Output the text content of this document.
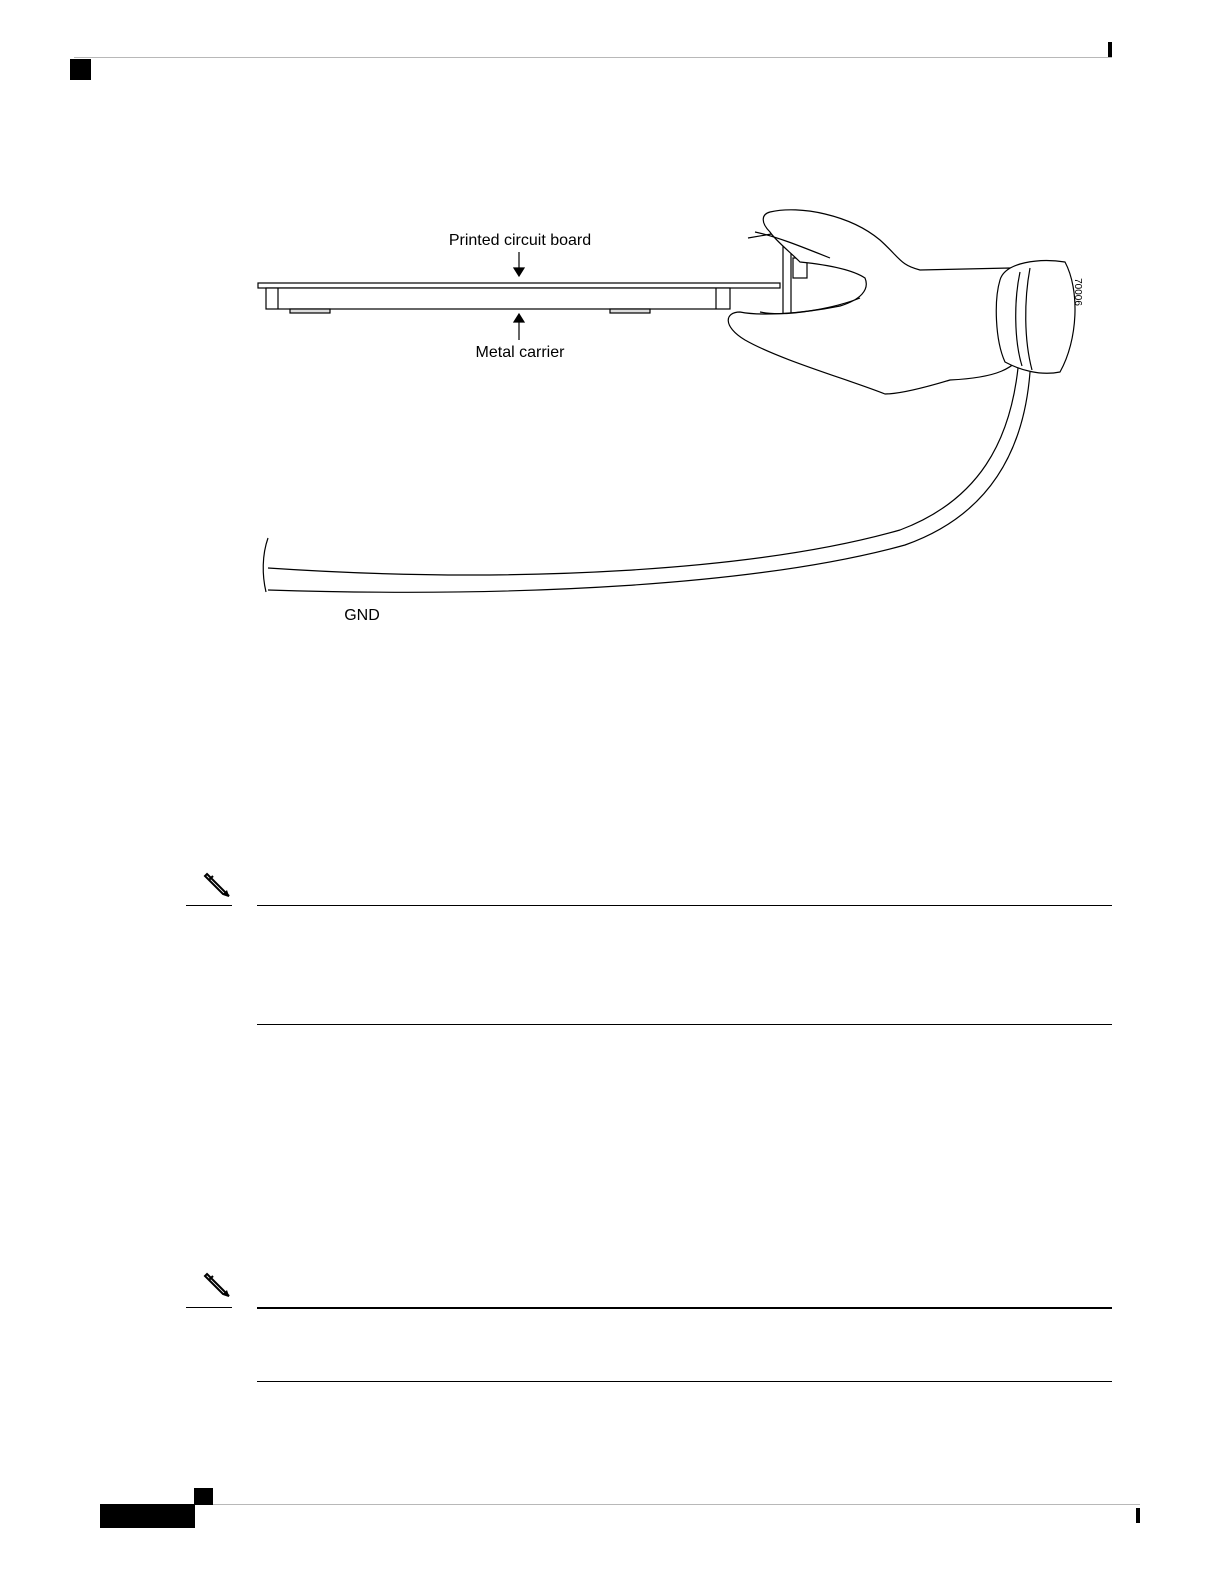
Printed circuit board
Metal carrier
GND
70006
